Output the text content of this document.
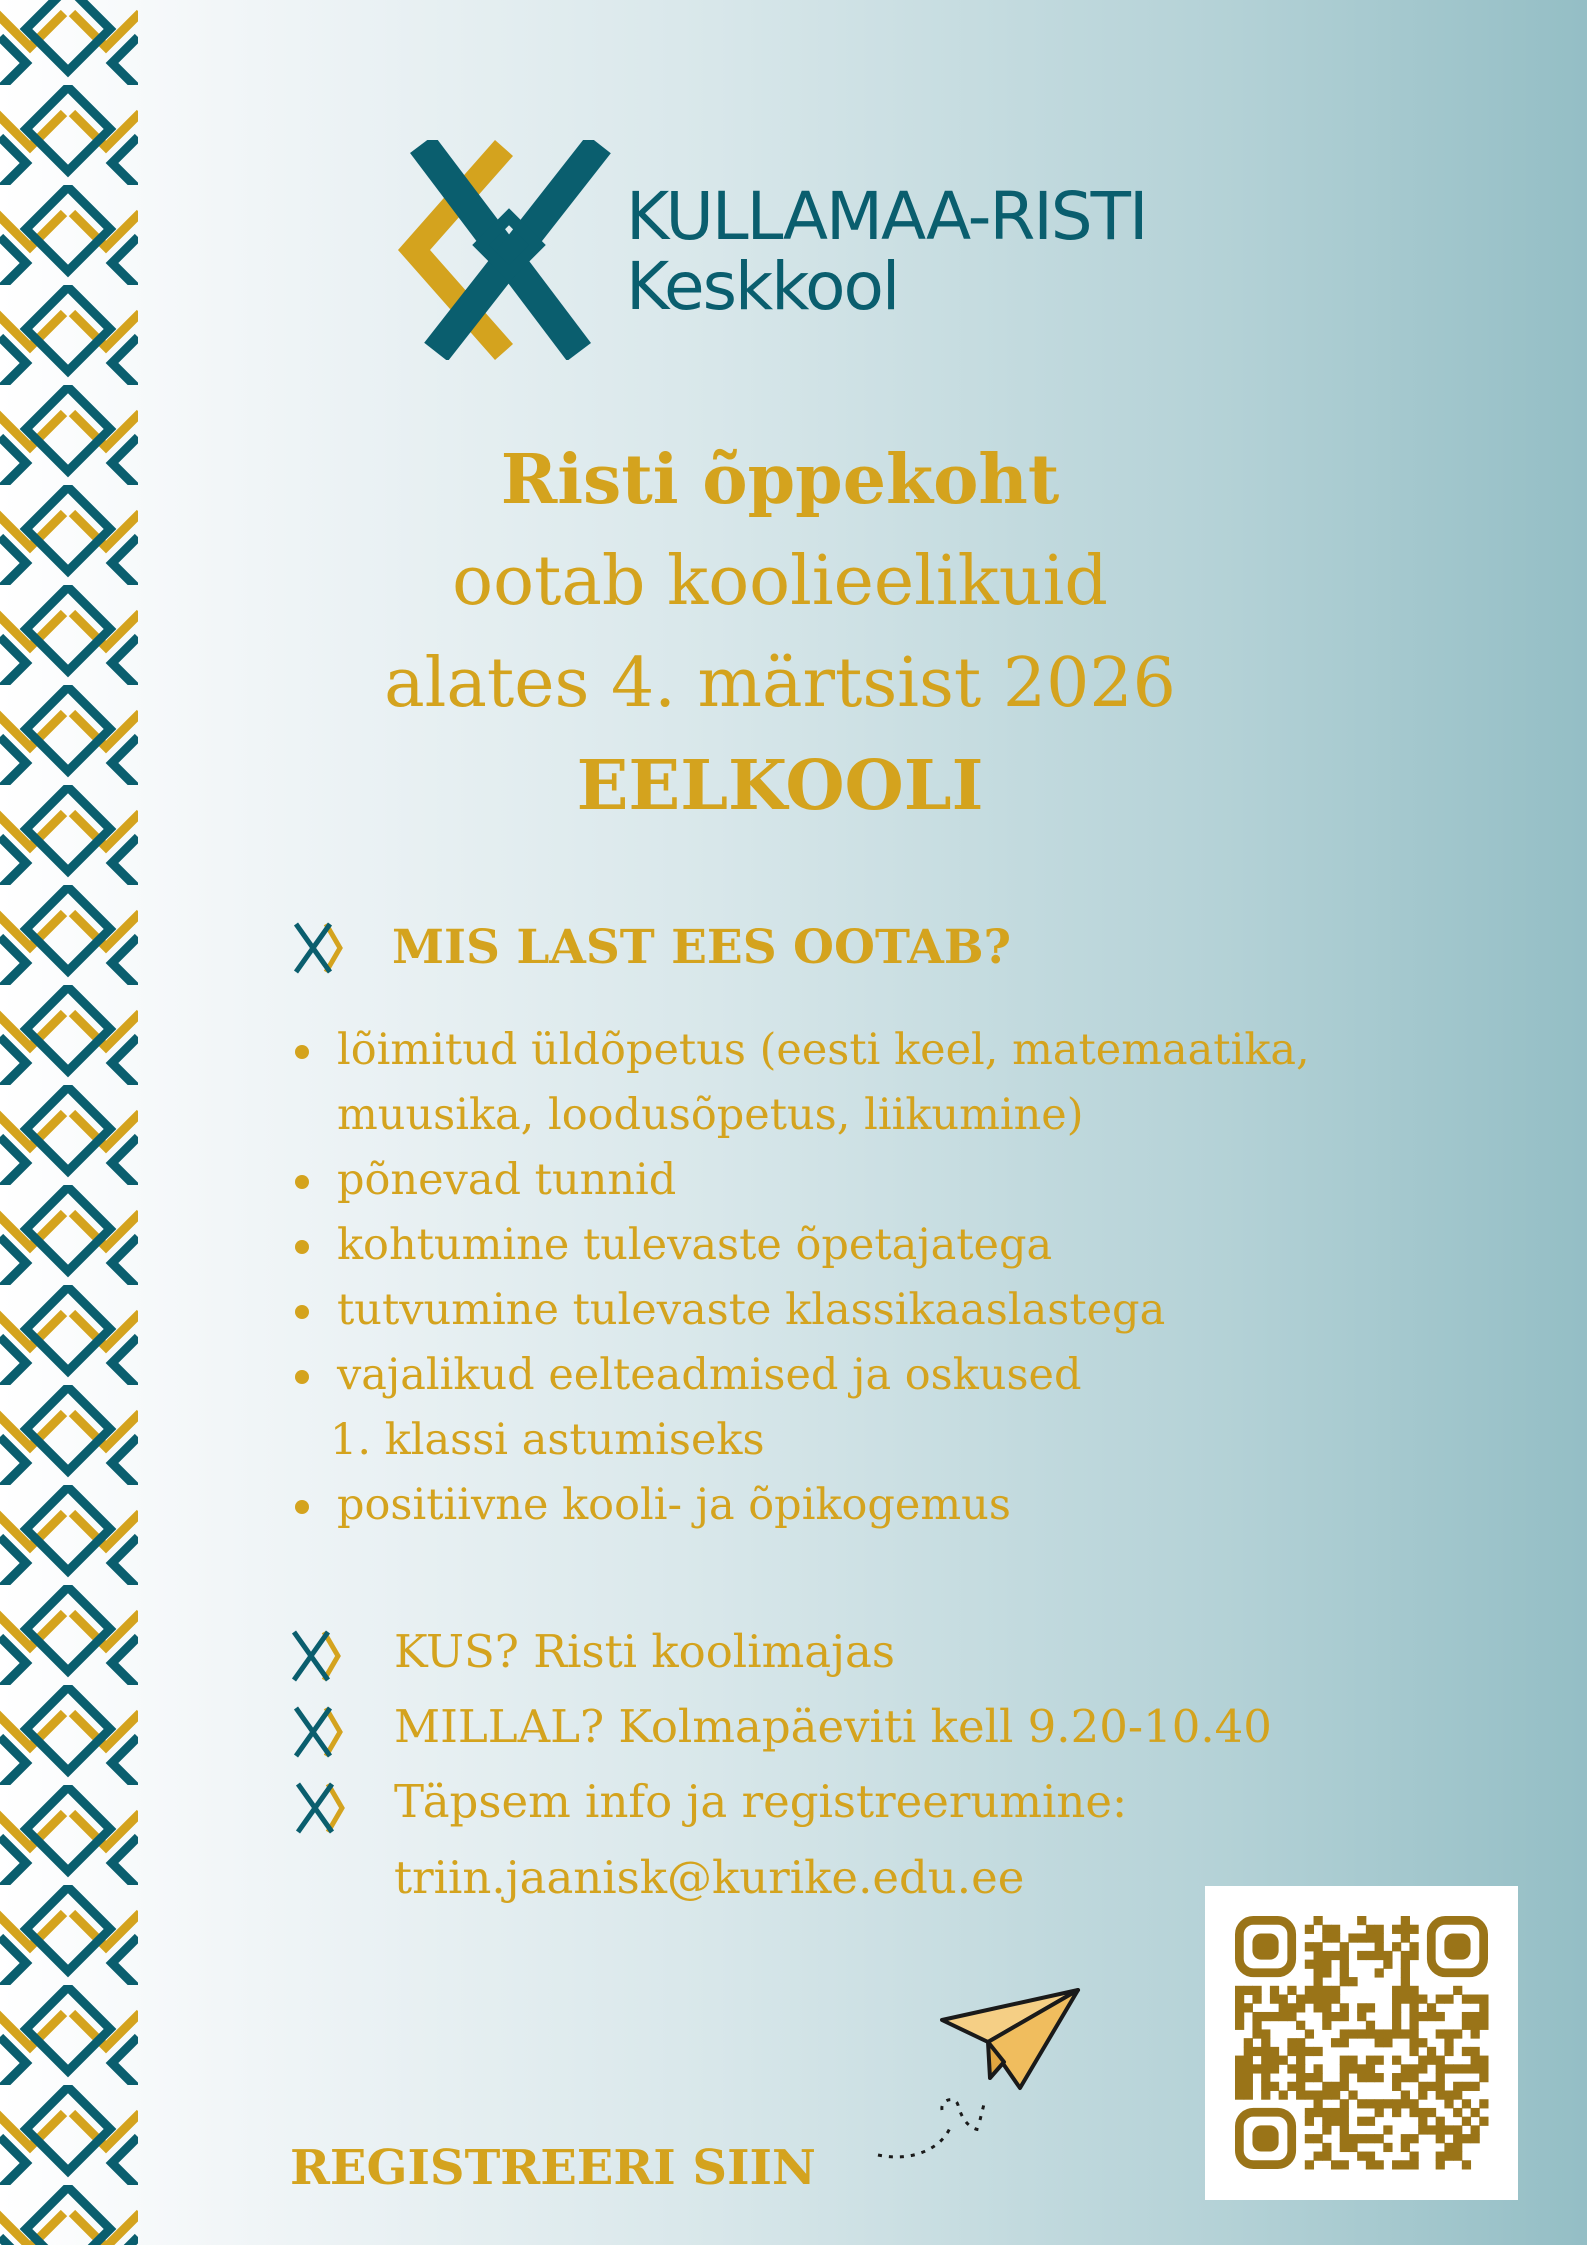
KULLAMAA-RISTI
Keskkool
Risti õppekoht
ootab koolieelikuid
alates 4. märtsist 2026
EELKOOLI
MIS LAST EES OOTAB?
lõimitud üldõpetus (eesti keel, matemaatika,
muusika, loodusõpetus, liikumine)
põnevad tunnid
kohtumine tulevaste õpetajatega
tutvumine tulevaste klassikaaslastega
vajalikud eelteadmised ja oskused
1. klassi astumiseks
positiivne kooli- ja õpikogemus
KUS? Risti koolimajas
MILLAL? Kolmapäeviti kell 9.20-10.40
Täpsem info ja registreerumine:
triin.jaanisk@kurike.edu.ee
REGISTREERI SIIN
